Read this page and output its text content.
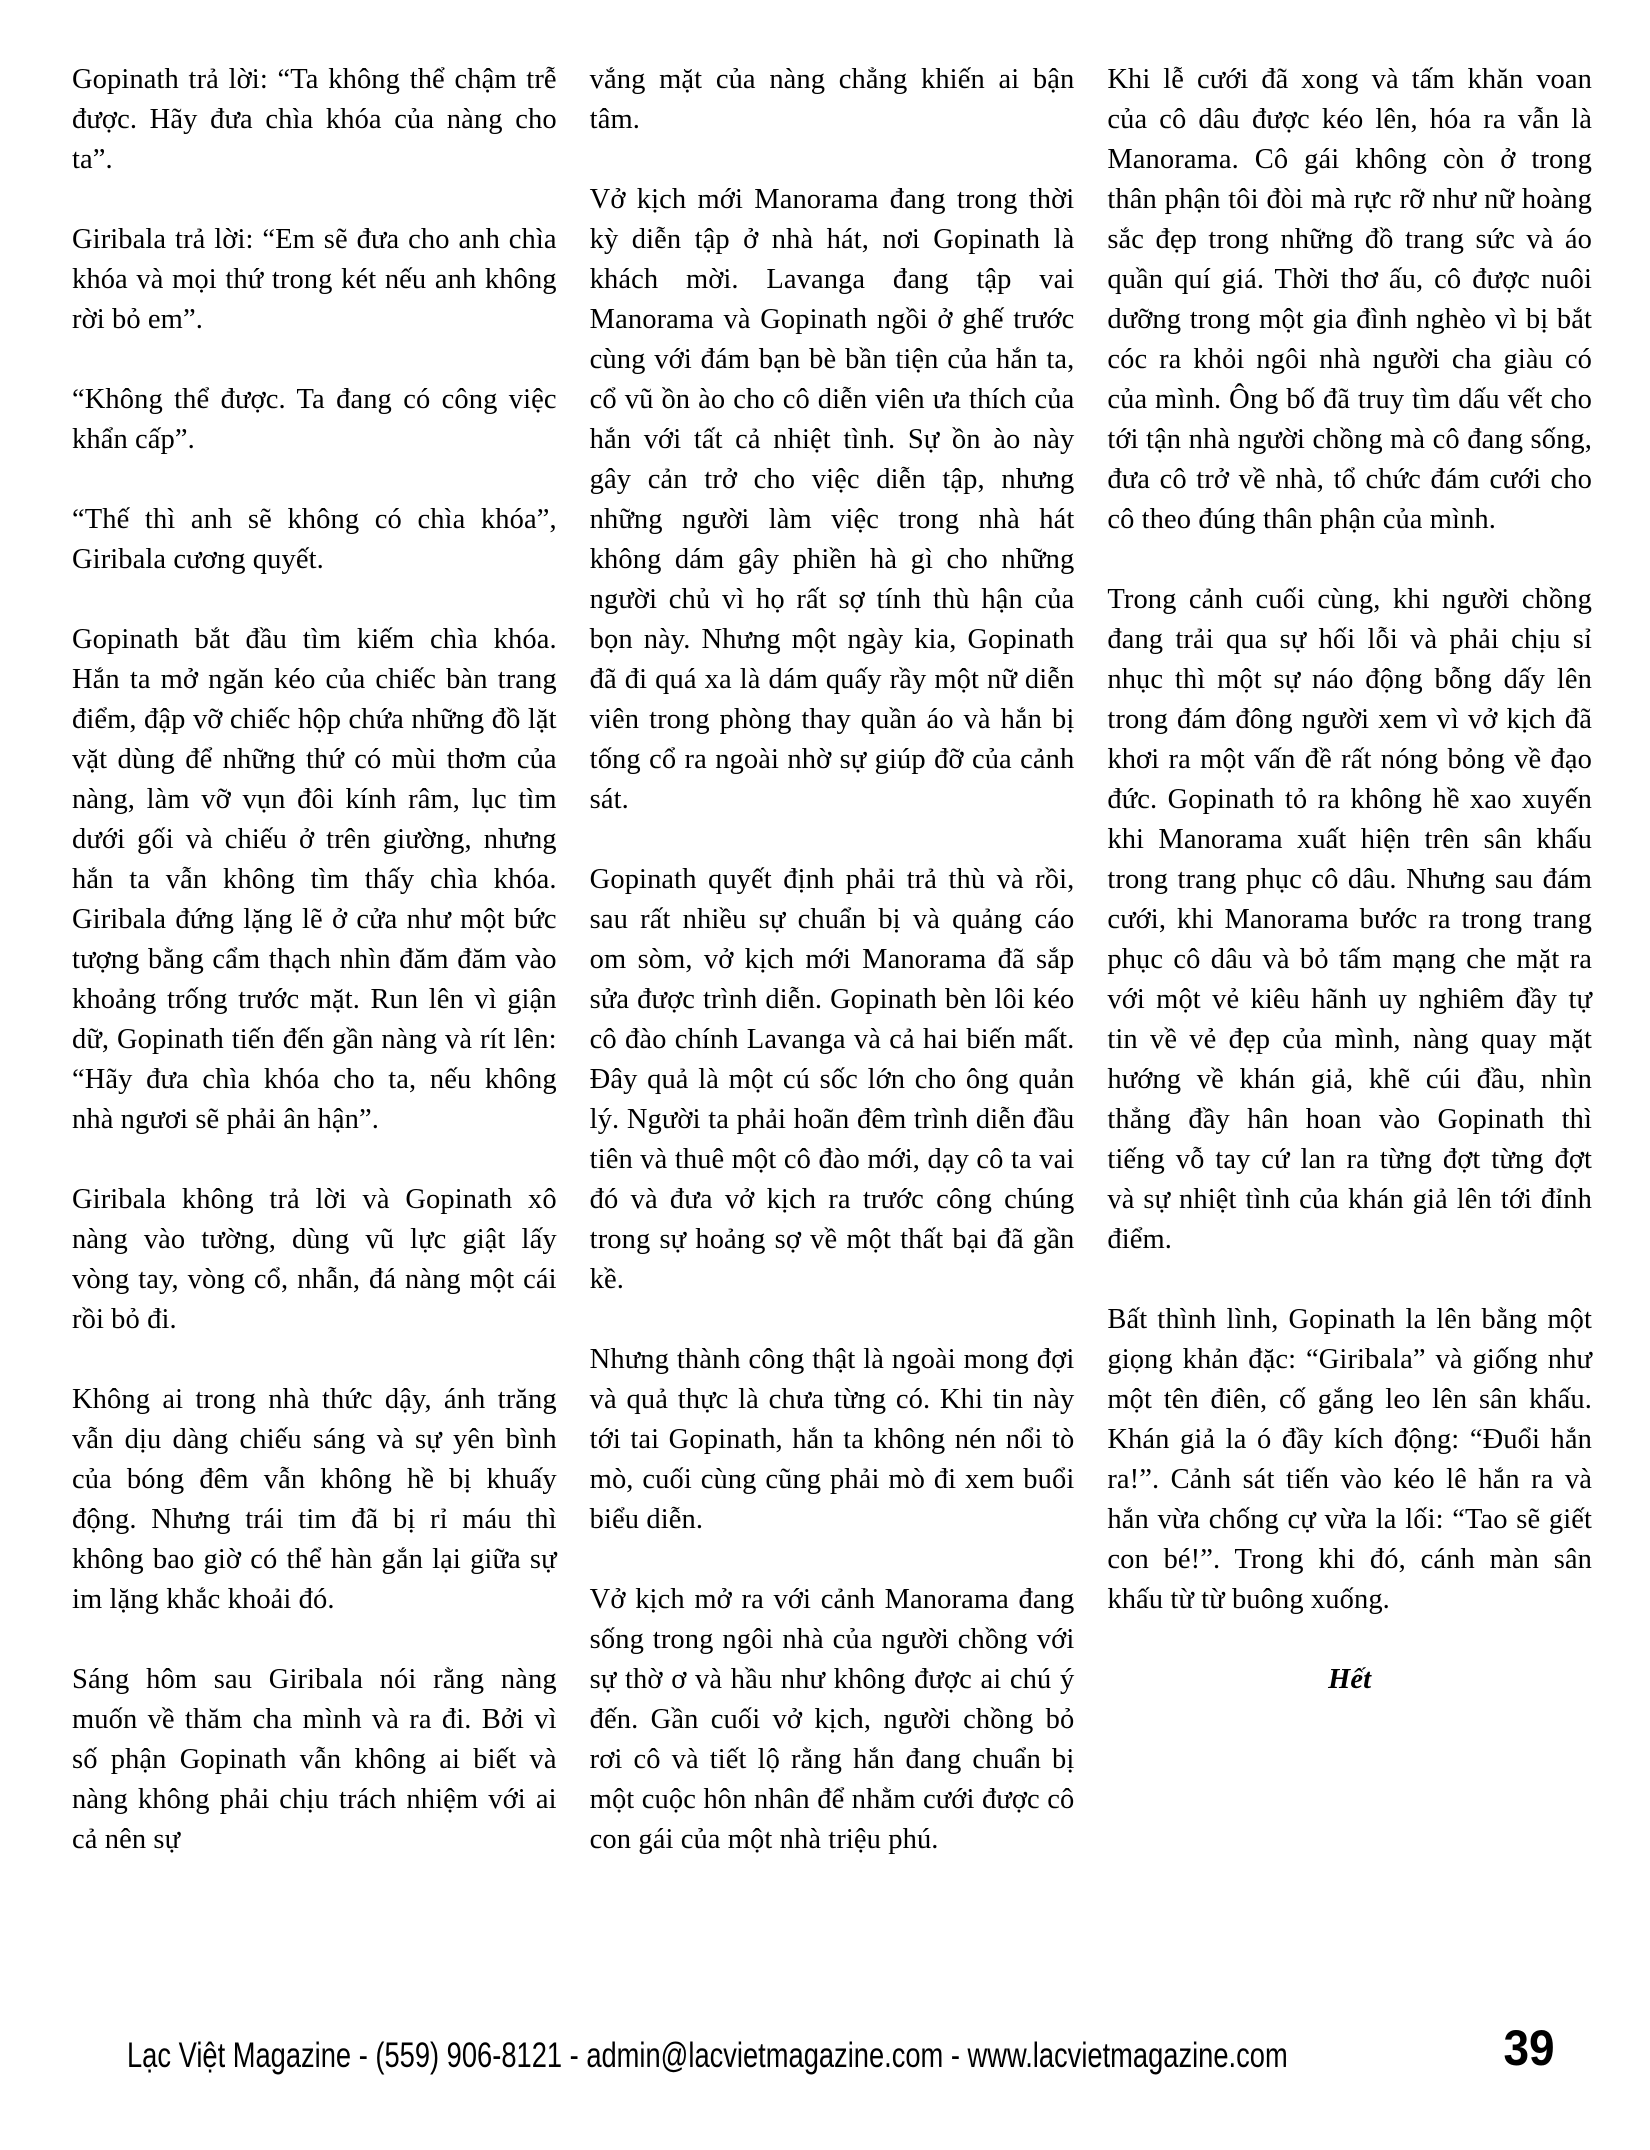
Gopinath trả lời: “Ta không thể chậm trễ được. Hãy đưa chìa khóa của nàng cho ta”.

Giribala trả lời: “Em sẽ đưa cho anh chìa khóa và mọi thứ trong két nếu anh không rời bỏ em”.

“Không thể được. Ta đang có công việc khẩn cấp”.

“Thế thì anh sẽ không có chìa khóa”, Giribala cương quyết.

Gopinath bắt đầu tìm kiếm chìa khóa. Hắn ta mở ngăn kéo của chiếc bàn trang điểm, đập vỡ chiếc hộp chứa những đồ lặt vặt dùng để những thứ có mùi thơm của nàng, làm vỡ vụn đôi kính râm, lục tìm dưới gối và chiếu ở trên giường, nhưng hắn ta vẫn không tìm thấy chìa khóa. Giribala đứng lặng lẽ ở cửa như một bức tượng bằng cẩm thạch nhìn đăm đăm vào khoảng trống trước mặt. Run lên vì giận dữ, Gopinath tiến đến gần nàng và rít lên: “Hãy đưa chìa khóa cho ta, nếu không nhà ngươi sẽ phải ân hận”.

Giribala không trả lời và Gopinath xô nàng vào tường, dùng vũ lực giật lấy vòng tay, vòng cổ, nhẫn, đá nàng một cái rồi bỏ đi.

Không ai trong nhà thức dậy, ánh trăng vẫn dịu dàng chiếu sáng và sự yên bình của bóng đêm vẫn không hề bị khuấy động. Nhưng trái tim đã bị rỉ máu thì không bao giờ có thể hàn gắn lại giữa sự im lặng khắc khoải đó.

Sáng hôm sau Giribala nói rằng nàng muốn về thăm cha mình và ra đi. Bởi vì số phận Gopinath vẫn không ai biết và nàng không phải chịu trách nhiệm với ai cả nên sự

vắng mặt của nàng chẳng khiến ai bận tâm.

Vở kịch mới Manorama đang trong thời kỳ diễn tập ở nhà hát, nơi Gopinath là khách mời. Lavanga đang tập vai Manorama và Gopinath ngồi ở ghế trước cùng với đám bạn bè bần tiện của hắn ta, cổ vũ ồn ào cho cô diễn viên ưa thích của hắn với tất cả nhiệt tình. Sự ồn ào này gây cản trở cho việc diễn tập, nhưng những người làm việc trong nhà hát không dám gây phiền hà gì cho những người chủ vì họ rất sợ tính thù hận của bọn này. Nhưng một ngày kia, Gopinath đã đi quá xa là dám quấy rầy một nữ diễn viên trong phòng thay quần áo và hắn bị tống cổ ra ngoài nhờ sự giúp đỡ của cảnh sát.

Gopinath quyết định phải trả thù và rồi, sau rất nhiều sự chuẩn bị và quảng cáo om sòm, vở kịch mới Manorama đã sắp sửa được trình diễn. Gopinath bèn lôi kéo cô đào chính Lavanga và cả hai biến mất. Đây quả là một cú sốc lớn cho ông quản lý. Người ta phải hoãn đêm trình diễn đầu tiên và thuê một cô đào mới, dạy cô ta vai đó và đưa vở kịch ra trước công chúng trong sự hoảng sợ về một thất bại đã gần kề.

Nhưng thành công thật là ngoài mong đợi và quả thực là chưa từng có. Khi tin này tới tai Gopinath, hắn ta không nén nổi tò mò, cuối cùng cũng phải mò đi xem buổi biểu diễn.

Vở kịch mở ra với cảnh Manorama đang sống trong ngôi nhà của người chồng với sự thờ ơ và hầu như không được ai chú ý đến. Gần cuối vở kịch, người chồng bỏ rơi cô và tiết lộ rằng hắn đang chuẩn bị một cuộc hôn nhân để nhằm cưới được cô con gái của một nhà triệu phú.

Khi lễ cưới đã xong và tấm khăn voan của cô dâu được kéo lên, hóa ra vẫn là Manorama. Cô gái không còn ở trong thân phận tôi đòi mà rực rỡ như nữ hoàng sắc đẹp trong những đồ trang sức và áo quần quí giá. Thời thơ ấu, cô được nuôi dưỡng trong một gia đình nghèo vì bị bắt cóc ra khỏi ngôi nhà người cha giàu có của mình. Ông bố đã truy tìm dấu vết cho tới tận nhà người chồng mà cô đang sống, đưa cô trở về nhà, tổ chức đám cưới cho cô theo đúng thân phận của mình.

Trong cảnh cuối cùng, khi người chồng đang trải qua sự hối lỗi và phải chịu sỉ nhục thì một sự náo động bỗng dấy lên trong đám đông người xem vì vở kịch đã khơi ra một vấn đề rất nóng bỏng về đạo đức. Gopinath tỏ ra không hề xao xuyến khi Manorama xuất hiện trên sân khấu trong trang phục cô dâu. Nhưng sau đám cưới, khi Manorama bước ra trong trang phục cô dâu và bỏ tấm mạng che mặt ra với một vẻ kiêu hãnh uy nghiêm đầy tự tin về vẻ đẹp của mình, nàng quay mặt hướng về khán giả, khẽ cúi đầu, nhìn thẳng đầy hân hoan vào Gopinath thì tiếng vỗ tay cứ lan ra từng đợt từng đợt và sự nhiệt tình của khán giả lên tới đỉnh điểm.

Bất thình lình, Gopinath la lên bằng một giọng khản đặc: “Giribala” và giống như một tên điên, cố gắng leo lên sân khấu. Khán giả la ó đầy kích động: “Đuổi hắn ra!”. Cảnh sát tiến vào kéo lê hắn ra và hắn vừa chống cự vừa la lối: “Tao sẽ giết con bé!”. Trong khi đó, cánh màn sân khấu từ từ buông xuống.

Hết

Lạc Việt Magazine - (559) 906-8121 - admin@lacvietmagazine.com - www.lacvietmagazine.com	39
